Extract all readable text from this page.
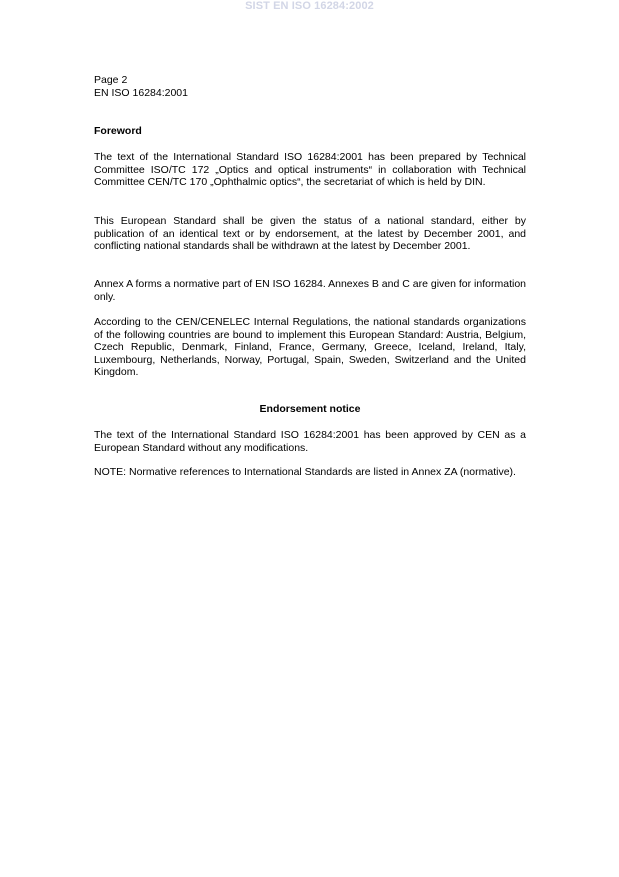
SIST EN ISO 16284:2002
Page 2
EN ISO 16284:2001
Foreword

The text of the International Standard ISO 16284:2001 has been prepared by Technical Committee ISO/TC 172 „Optics and optical instruments“ in collaboration with Technical Committee CEN/TC 170 „Ophthalmic optics“, the secretariat of which is held by DIN.

This European Standard shall be given the status of a national standard, either by publication of an identical text or by endorsement, at the latest by December 2001, and conflicting national standards shall be withdrawn at the latest by December 2001.

Annex A forms a normative part of EN ISO 16284. Annexes B and C are given for information only.

According to the CEN/CENELEC Internal Regulations, the national standards organizations of the following countries are bound to implement this European Standard: Austria, Belgium, Czech Republic, Denmark, Finland, France, Germany, Greece, Iceland, Ireland, Italy, Luxembourg, Netherlands, Norway, Portugal, Spain, Sweden, Switzerland and the United Kingdom.

Endorsement notice

The text of the International Standard ISO 16284:2001 has been approved by CEN as a European Standard without any modifications.

NOTE: Normative references to International Standards are listed in Annex ZA (normative).
